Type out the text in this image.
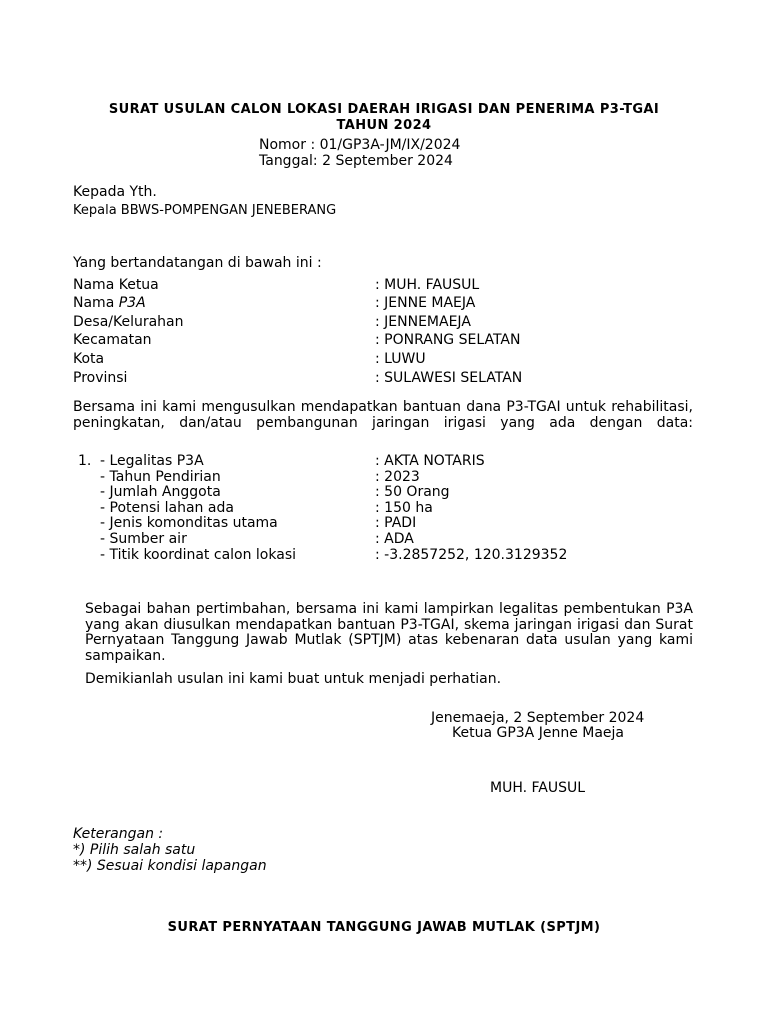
SURAT USULAN CALON LOKASI DAERAH IRIGASI DAN PENERIMA P3-TGAI
TAHUN 2024
Nomor : 01/GP3A-JM/IX/2024
Tanggal: 2 September 2024
Kepada Yth.
Kepala BBWS-POMPENGAN JENEBERANG
Yang bertandatangan di bawah ini :
Nama Ketua	: MUH. FAUSUL
Nama P3A	: JENNE MAEJA
Desa/Kelurahan	: JENNEMAEJA
Kecamatan	: PONRANG SELATAN
Kota	: LUWU
Provinsi	: SULAWESI SELATAN
Bersama ini kami mengusulkan mendapatkan bantuan dana P3-TGAI untuk rehabilitasi, peningkatan, dan/atau pembangunan jaringan irigasi yang ada dengan data:
1. - Legalitas P3A	: AKTA NOTARIS
- Tahun Pendirian	: 2023
- Jumlah Anggota	: 50 Orang
- Potensi lahan ada	: 150 ha
- Jenis komonditas utama	: PADI
- Sumber air	: ADA
- Titik koordinat calon lokasi	: -3.2857252, 120.3129352
Sebagai bahan pertimbahan, bersama ini kami lampirkan legalitas pembentukan P3A yang akan diusulkan mendapatkan bantuan P3-TGAI, skema jaringan irigasi dan Surat Pernyataan Tanggung Jawab Mutlak (SPTJM) atas kebenaran data usulan yang kami sampaikan.
Demikianlah usulan ini kami buat untuk menjadi perhatian.
Jenemaeja, 2 September 2024
Ketua GP3A Jenne Maeja
MUH. FAUSUL
Keterangan :
*) Pilih salah satu
**) Sesuai kondisi lapangan
SURAT PERNYATAAN TANGGUNG JAWAB MUTLAK (SPTJM)
